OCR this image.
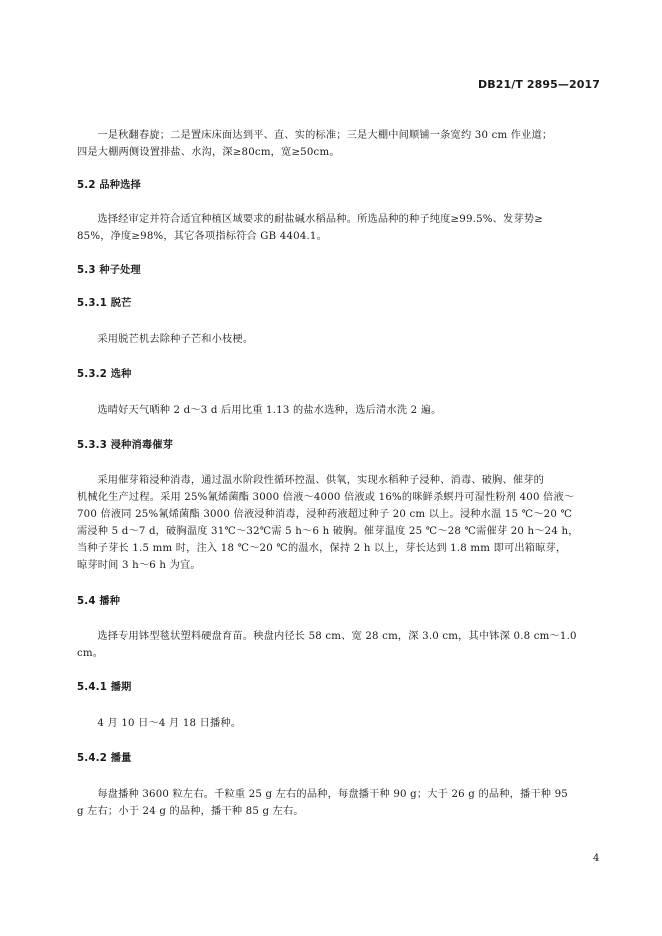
DB21/T 2895—2017

一是秋翻春旋；二是置床床面达到平、直、实的标准；三是大棚中间顺铺一条宽约 30 cm 作业道；
四是大棚两侧设置排盐、水沟，深≥80cm，宽≥50cm。

5.2 品种选择

选择经审定并符合适宜种植区域要求的耐盐碱水稻品种。所选品种的种子纯度≥99.5%、发芽势≥
85%，净度≥98%，其它各项指标符合 GB 4404.1。

5.3 种子处理
5.3.1 脱芒

采用脱芒机去除种子芒和小枝梗。

5.3.2 选种

选晴好天气晒种 2 d～3 d 后用比重 1.13 的盐水选种，选后清水洗 2 遍。

5.3.3 浸种消毒催芽

采用催芽箱浸种消毒，通过温水阶段性循环控温、供氧，实现水稻种子浸种、消毒、破胸、催芽的
机械化生产过程。采用 25%氰烯菌酯 3000 倍液～4000 倍液或 16%的咪鲜杀螟丹可湿性粉剂 400 倍液～
700 倍液同 25%氰烯菌酯 3000 倍液浸种消毒，浸种药液超过种子 20 cm 以上。浸种水温 15 ℃～20 ℃
需浸种 5 d～7 d，破胸温度 31℃～32℃需 5 h～6 h 破胸。催芽温度 25 ℃～28 ℃需催芽 20 h～24 h，
当种子芽长 1.5 mm 时，注入 18 ℃～20 ℃的温水，保持 2 h 以上，芽长达到 1.8 mm 即可出箱晾芽，
晾芽时间 3 h～6 h 为宜。

5.4 播种

选择专用钵型毯状塑料硬盘育苗。秧盘内径长 58 cm、宽 28 cm，深 3.0 cm，其中钵深 0.8 cm～1.0
cm。

5.4.1 播期

4 月 10 日～4 月 18 日播种。

5.4.2 播量

每盘播种 3600 粒左右。千粒重 25 g 左右的品种，每盘播干种 90 g；大于 26 g 的品种，播干种 95
g 左右；小于 24 g 的品种，播干种 85 g 左右。

4
